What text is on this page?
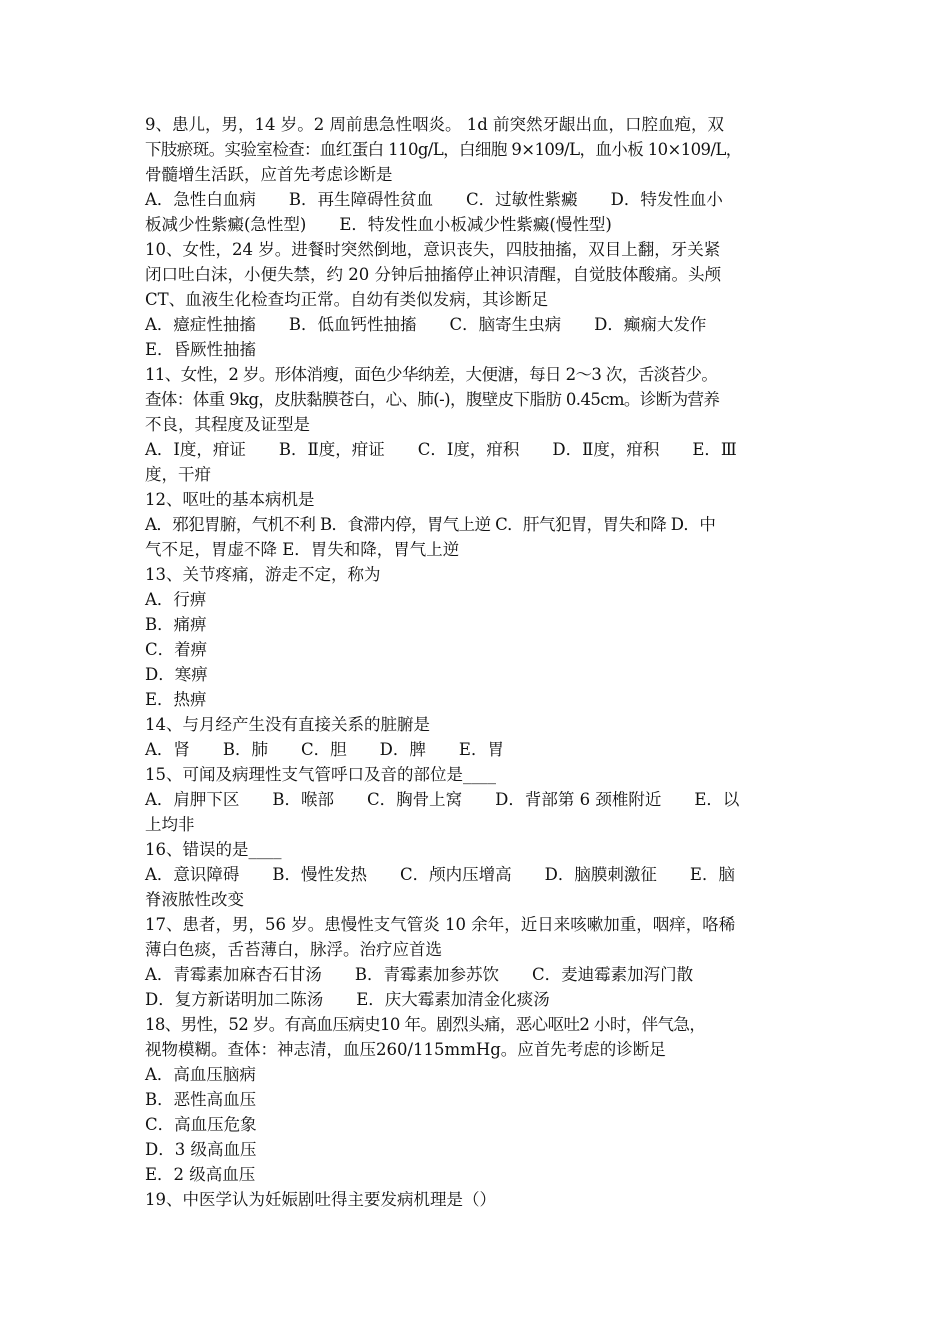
9、患儿，男，14 岁。2 周前患急性咽炎。 1d 前突然牙龈出血，口腔血疱，双
下肢瘀斑。实验室检查：血红蛋白 110g/L，白细胞 9×109/L，血小板 10×109/L，
骨髓增生活跃，应首先考虑诊断是
A．急性白血病　　B．再生障碍性贫血　　C．过敏性紫癜　　D．特发性血小
板减少性紫癜(急性型)　　E．特发性血小板减少性紫癜(慢性型)
10、女性，24 岁。进餐时突然倒地，意识丧失，四肢抽搐，双目上翻，牙关紧
闭口吐白沫，小便失禁，约 20 分钟后抽搐停止神识清醒，自觉肢体酸痛。头颅
CT、血液生化检查均正常。自幼有类似发病，其诊断足
A．癔症性抽搐　　B．低血钙性抽搐　　C．脑寄生虫病　　D．癫痫大发作
E．昏厥性抽搐
11、女性，2 岁。形体消瘦，面色少华纳差，大便溏，每日 2～3 次，舌淡苔少。
查体：体重 9kg，皮肤黏膜苍白，心、肺(-)，腹壁皮下脂肪 0.45cm。诊断为营养
不良，其程度及证型是
A．Ⅰ度，疳证　　B．Ⅱ度，疳证　　C．Ⅰ度，疳积　　D．Ⅱ度，疳积　　E．Ⅲ
度，干疳
12、呕吐的基本病机是
A．邪犯胃腑，气机不利 B．食滞内停，胃气上逆 C．肝气犯胃，胃失和降 D．中
气不足，胃虚不降 E．胃失和降，胃气上逆
13、关节疼痛，游走不定，称为
A．行痹
B．痛痹
C．着痹
D．寒痹
E．热痹
14、与月经产生没有直接关系的脏腑是
A．肾　　B．肺　　C．胆　　D．脾　　E．胃
15、可闻及病理性支气管呼口及音的部位是____
A．肩胛下区　　B．喉部　　C．胸骨上窝　　D．背部第 6 颈椎附近　　E．以
上均非
16、错误的是____
A．意识障碍　　B．慢性发热　　C．颅内压增高　　D．脑膜刺激征　　E．脑
脊液脓性改变
17、患者，男，56 岁。患慢性支气管炎 10 余年，近日来咳嗽加重，咽痒，咯稀
薄白色痰，舌苔薄白，脉浮。治疗应首选
A．青霉素加麻杏石甘汤　　B．青霉素加参苏饮　　C．麦迪霉素加泻门散
D．复方新诺明加二陈汤　　E．庆大霉素加清金化痰汤
18、男性，52 岁。有高血压病史10 年。剧烈头痛，恶心呕吐2 小时，伴气急，
视物模糊。查体：神志清，血压260/115mmHg。应首先考虑的诊断足
A．高血压脑病
B．恶性高血压
C．高血压危象
D．3 级高血压
E．2 级高血压
19、中医学认为妊娠剧吐得主要发病机理是（）
